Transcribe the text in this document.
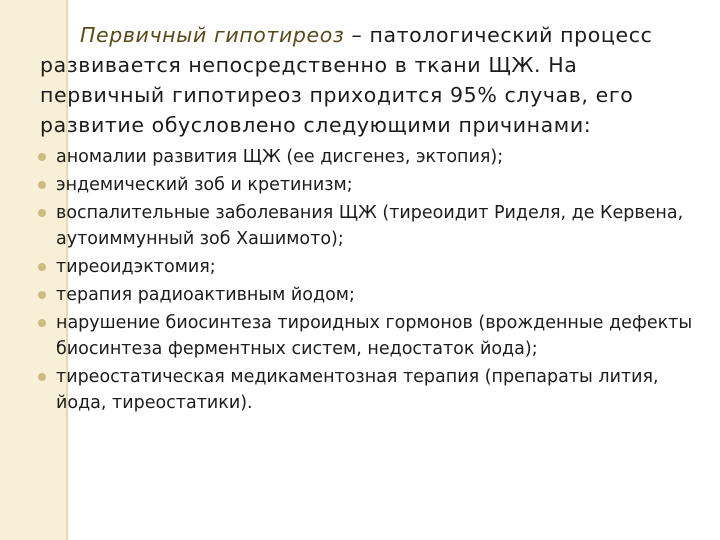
Первичный гипотиреоз – патологический процесс развивается непосредственно в ткани ЩЖ. На первичный гипотиреоз приходится 95% случав, его развитие обусловлено следующими причинами:

аномалии развития ЩЖ (ее дисгенез, эктопия);
эндемический зоб и кретинизм;
воспалительные заболевания ЩЖ (тиреоидит Риделя, де Кервена, аутоиммунный зоб Хашимото);
тиреоидэктомия;
терапия радиоактивным йодом;
нарушение биосинтеза тироидных гормонов (врожденные дефекты биосинтеза ферментных систем, недостаток йода);
тиреостатическая медикаментозная терапия (препараты лития, йода, тиреостатики).
